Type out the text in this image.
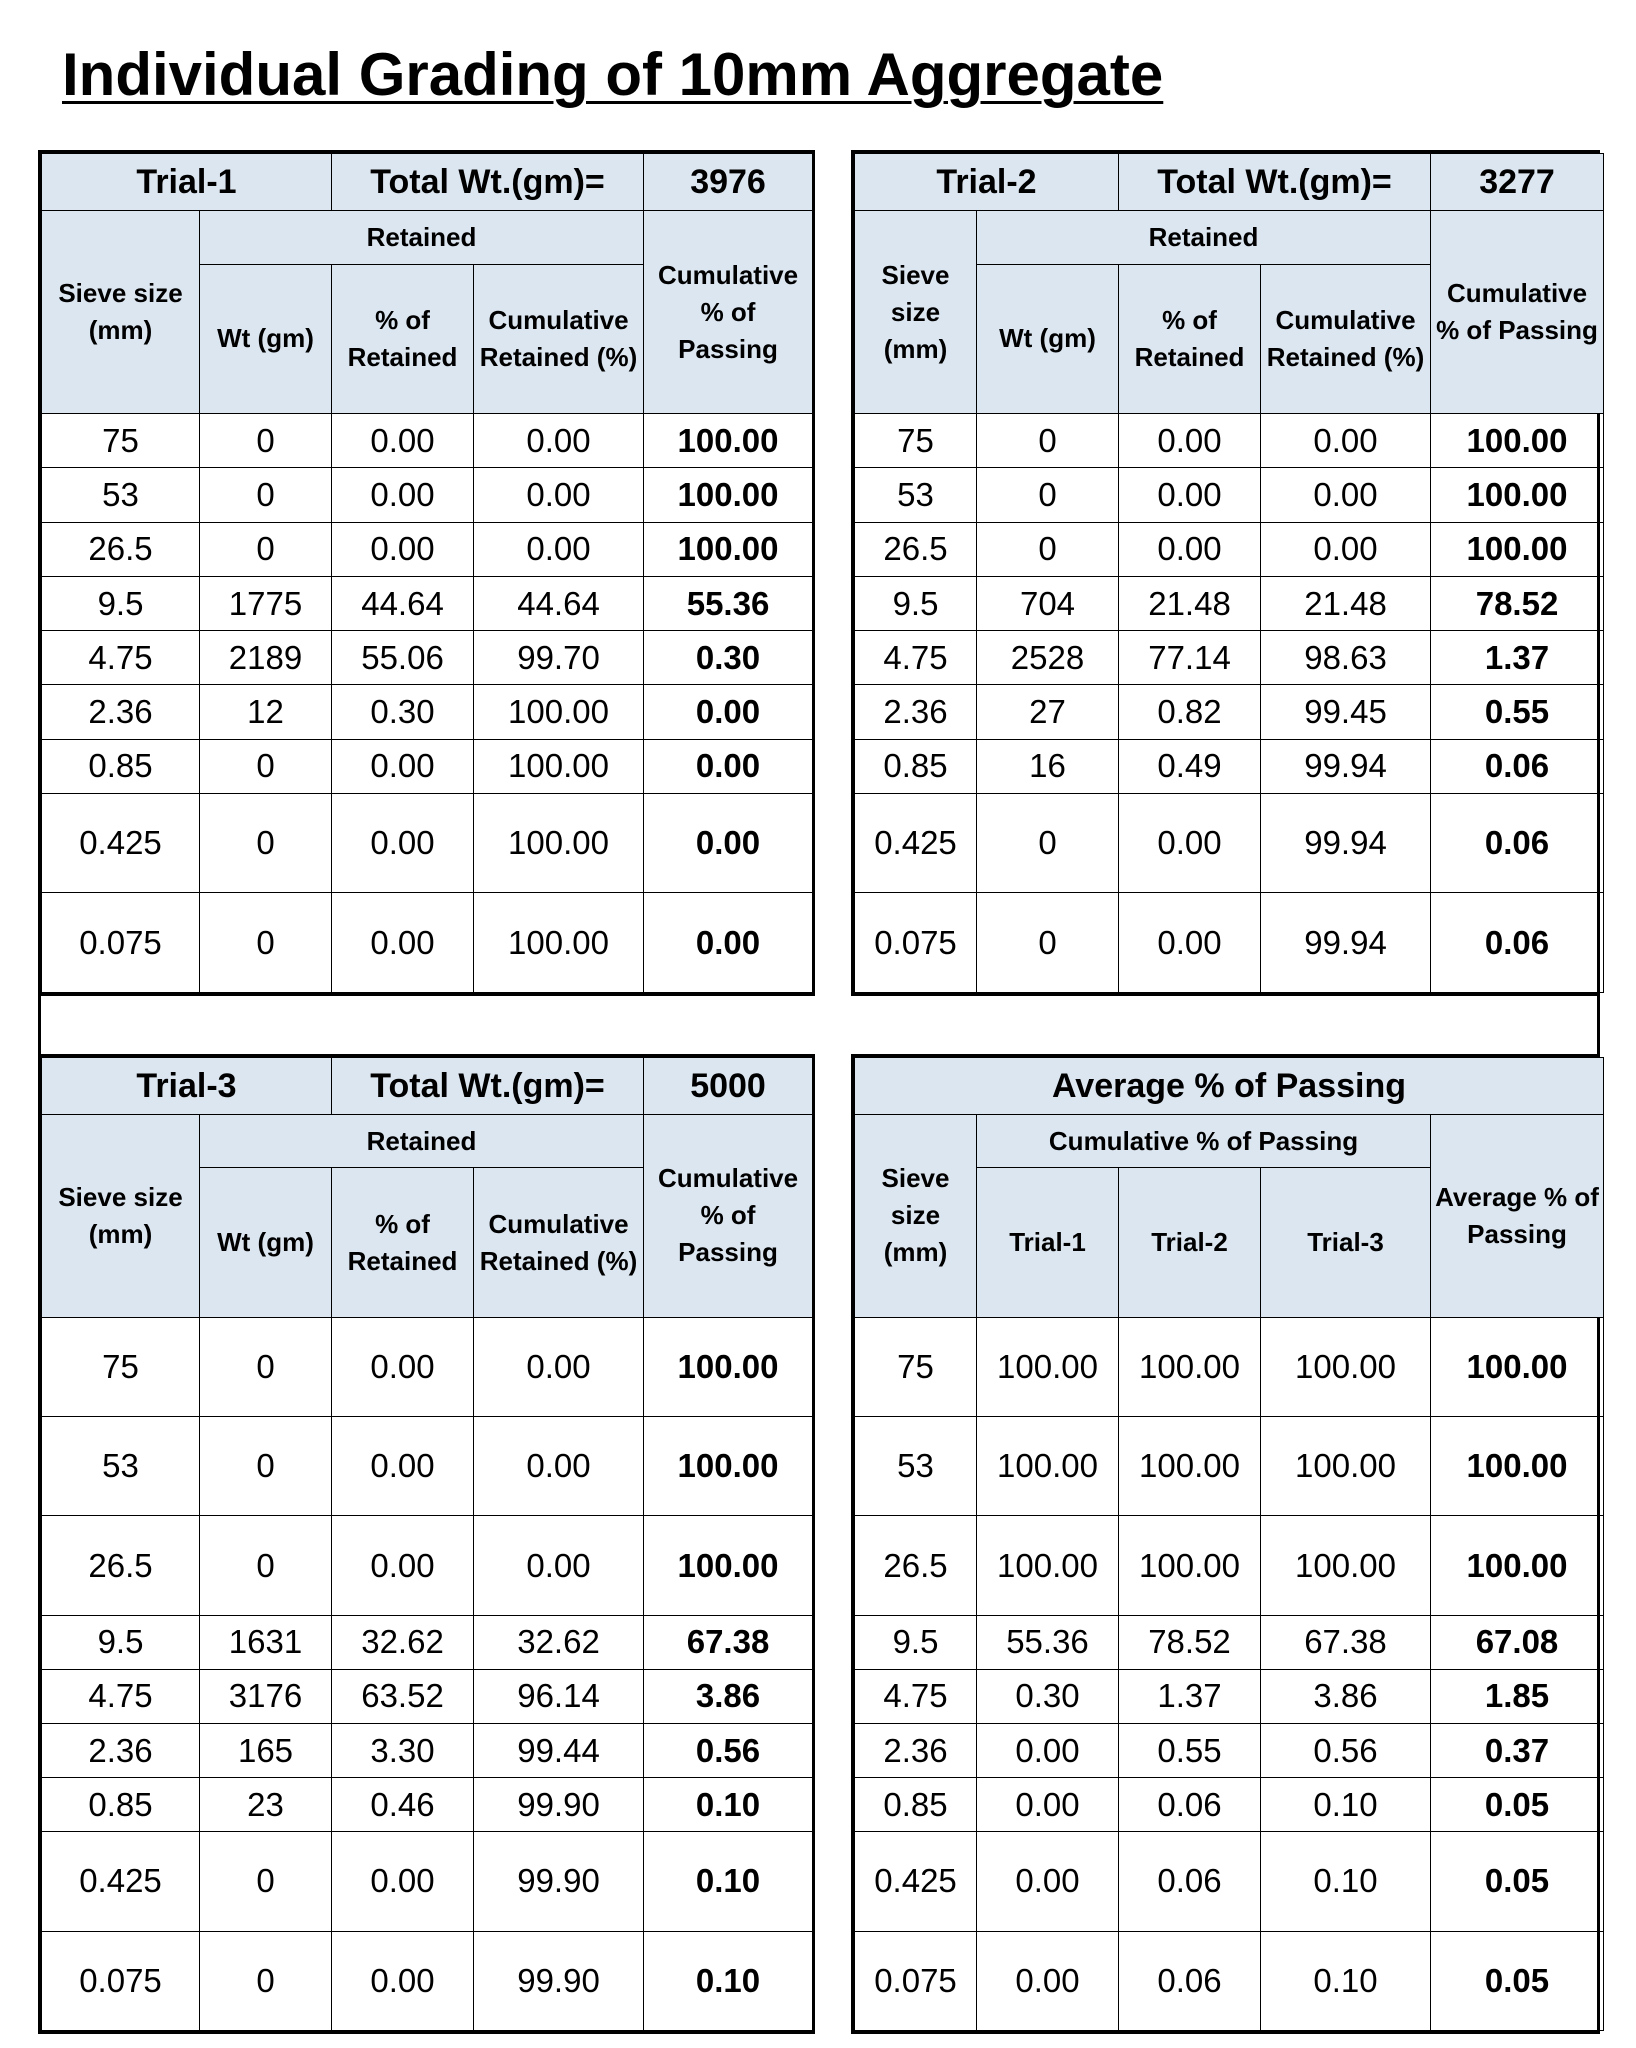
Individual Grading of 10mm Aggregate
Trial-1		Total Wt.(gm)=		3976
Sieve size (mm)	Retained			Cumulative % of Passing
	Wt (gm)	% of Retained	Cumulative Retained (%)	
75	0	0.00	0.00	100.00
53	0	0.00	0.00	100.00
26.5	0	0.00	0.00	100.00
9.5	1775	44.64	44.64	55.36
4.75	2189	55.06	99.70	0.30
2.36	12	0.30	100.00	0.00
0.85	0	0.00	100.00	0.00
0.425	0	0.00	100.00	0.00
0.075	0	0.00	100.00	0.00
Trial-2		Total Wt.(gm)=		3277
Sieve size (mm)	Retained			Cumulative % of Passing
	Wt (gm)	% of Retained	Cumulative Retained (%)	
75	0	0.00	0.00	100.00
53	0	0.00	0.00	100.00
26.5	0	0.00	0.00	100.00
9.5	704	21.48	21.48	78.52
4.75	2528	77.14	98.63	1.37
2.36	27	0.82	99.45	0.55
0.85	16	0.49	99.94	0.06
0.425	0	0.00	99.94	0.06
0.075	0	0.00	99.94	0.06
Trial-3		Total Wt.(gm)=		5000
Sieve size (mm)	Retained			Cumulative % of Passing
	Wt (gm)	% of Retained	Cumulative Retained (%)	
75	0	0.00	0.00	100.00
53	0	0.00	0.00	100.00
26.5	0	0.00	0.00	100.00
9.5	1631	32.62	32.62	67.38
4.75	3176	63.52	96.14	3.86
2.36	165	3.30	99.44	0.56
0.85	23	0.46	99.90	0.10
0.425	0	0.00	99.90	0.10
0.075	0	0.00	99.90	0.10
Average % of Passing				
Sieve size (mm)	Cumulative % of Passing			Average % of Passing
	Trial-1	Trial-2	Trial-3	
75	100.00	100.00	100.00	100.00
53	100.00	100.00	100.00	100.00
26.5	100.00	100.00	100.00	100.00
9.5	55.36	78.52	67.38	67.08
4.75	0.30	1.37	3.86	1.85
2.36	0.00	0.55	0.56	0.37
0.85	0.00	0.06	0.10	0.05
0.425	0.00	0.06	0.10	0.05
0.075	0.00	0.06	0.10	0.05
